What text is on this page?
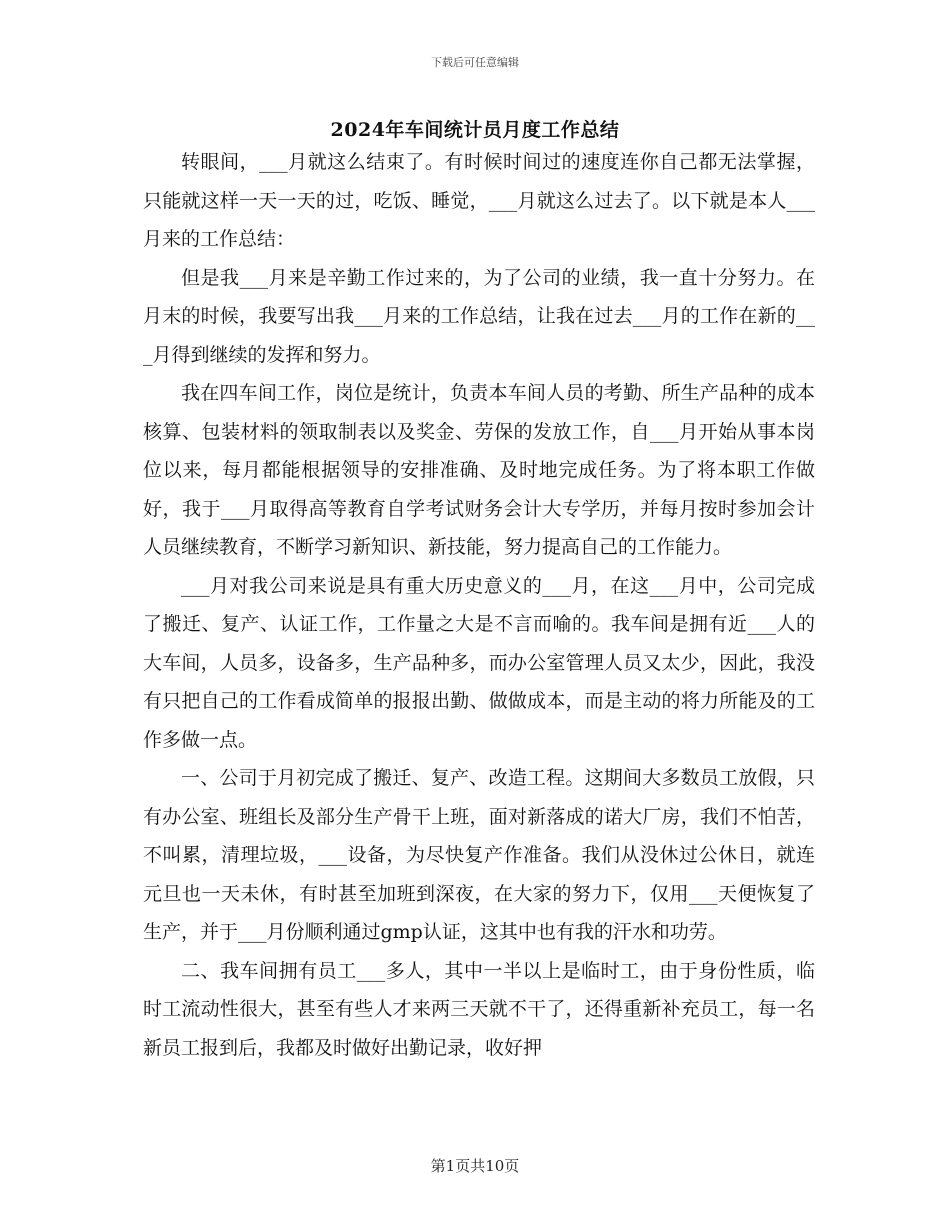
下载后可任意编辑
2024年车间统计员月度工作总结

转眼间，___月就这么结束了。有时候时间过的速度连你自己都无法掌握，只能就这样一天一天的过，吃饭、睡觉，___月就这么过去了。以下就是本人___月来的工作总结：

但是我___月来是辛勤工作过来的，为了公司的业绩，我一直十分努力。在月末的时候，我要写出我___月来的工作总结，让我在过去___月的工作在新的___月得到继续的发挥和努力。

我在四车间工作，岗位是统计，负责本车间人员的考勤、所生产品种的成本核算、包装材料的领取制表以及奖金、劳保的发放工作，自___月开始从事本岗位以来，每月都能根据领导的安排准确、及时地完成任务。为了将本职工作做好，我于___月取得高等教育自学考试财务会计大专学历，并每月按时参加会计人员继续教育，不断学习新知识、新技能，努力提高自己的工作能力。

___月对我公司来说是具有重大历史意义的___月，在这___月中，公司完成了搬迁、复产、认证工作，工作量之大是不言而喻的。我车间是拥有近___人的大车间，人员多，设备多，生产品种多，而办公室管理人员又太少，因此，我没有只把自己的工作看成简单的报报出勤、做做成本，而是主动的将力所能及的工作多做一点。

一、公司于月初完成了搬迁、复产、改造工程。这期间大多数员工放假，只有办公室、班组长及部分生产骨干上班，面对新落成的诺大厂房，我们不怕苦，不叫累，清理垃圾，___设备，为尽快复产作准备。我们从没休过公休日，就连元旦也一天未休，有时甚至加班到深夜，在大家的努力下，仅用___天便恢复了生产，并于___月份顺利通过gmp认证，这其中也有我的汗水和功劳。

二、我车间拥有员工___多人，其中一半以上是临时工，由于身份性质，临时工流动性很大，甚至有些人才来两三天就不干了，还得重新补充员工，每一名新员工报到后，我都及时做好出勤记录，收好押

第1页共10页
